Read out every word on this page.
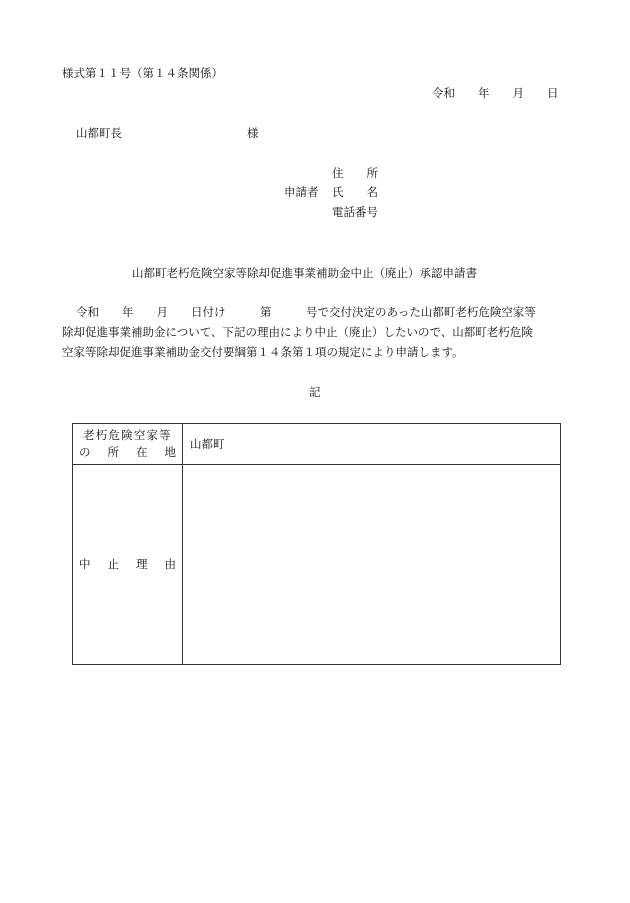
様式第１１号（第１４条関係）
令和　　年　　月　　日
山都町長	様
住　　所
申請者 氏　　名
電話番号
山都町老朽危険空家等除却促進事業補助金中止（廃止）承認申請書
令和　　年　　月　　日付け　　　第　　　号で交付決定のあった山都町老朽危険空家等
除却促進事業補助金について、下記の理由により中止（廃止）したいので、山都町老朽危険
空家等除却促進事業補助金交付要綱第１４条第１項の規定により申請します。
記
老朽危険空家等
の 所 在 地	山都町

中 止 理 由	
